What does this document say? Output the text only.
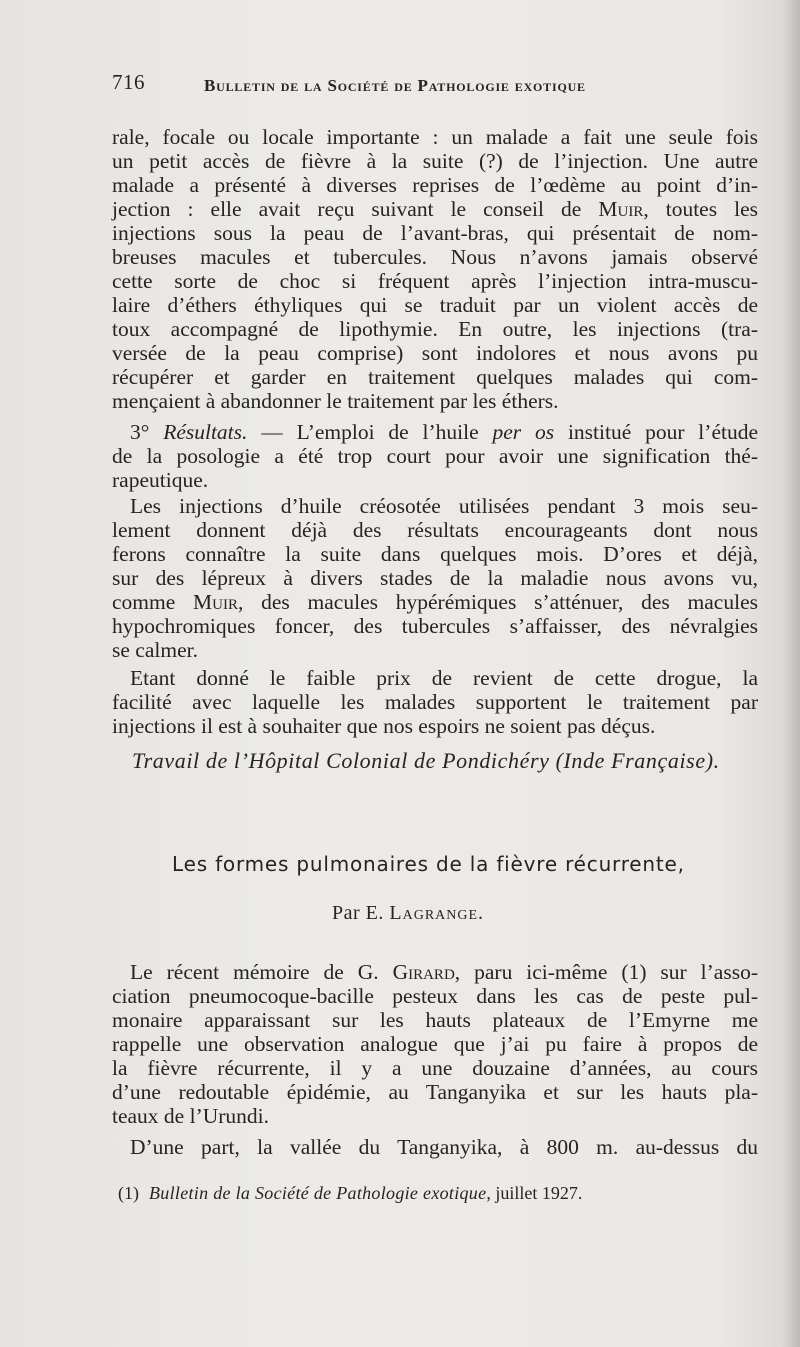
716	Bulletin de la Société de Pathologie exotique
rale, focale ou locale importante : un malade a fait une seule fois
un petit accès de fièvre à la suite (?) de l’injection. Une autre
malade a présenté à diverses reprises de l’œdème au point d’in-
jection : elle avait reçu suivant le conseil de Muir, toutes les
injections sous la peau de l’avant-bras, qui présentait de nom-
breuses macules et tubercules. Nous n’avons jamais observé
cette sorte de choc si fréquent après l’injection intra-muscu-
laire d’éthers éthyliques qui se traduit par un violent accès de
toux accompagné de lipothymie. En outre, les injections (tra-
versée de la peau comprise) sont indolores et nous avons pu
récupérer et garder en traitement quelques malades qui com-
mençaient à abandonner le traitement par les éthers.
3° Résultats. — L’emploi de l’huile per os institué pour l’étude
de la posologie a été trop court pour avoir une signification thé-
rapeutique.
Les injections d’huile créosotée utilisées pendant 3 mois seu-
lement donnent déjà des résultats encourageants dont nous
ferons connaître la suite dans quelques mois. D’ores et déjà,
sur des lépreux à divers stades de la maladie nous avons vu,
comme Muir, des macules hypérémiques s’atténuer, des macules
hypochromiques foncer, des tubercules s’affaisser, des névralgies
se calmer.
Etant donné le faible prix de revient de cette drogue, la
facilité avec laquelle les malades supportent le traitement par
injections il est à souhaiter que nos espoirs ne soient pas déçus.
Travail de l’Hôpital Colonial de Pondichéry (Inde Française).
Les formes pulmonaires de la fièvre récurrente,
Par E. Lagrange.
Le récent mémoire de G. Girard, paru ici-même (1) sur l’asso-
ciation pneumocoque-bacille pesteux dans les cas de peste pul-
monaire apparaissant sur les hauts plateaux de l’Emyrne me
rappelle une observation analogue que j’ai pu faire à propos de
la fièvre récurrente, il y a une douzaine d’années, au cours
d’une redoutable épidémie, au Tanganyika et sur les hauts pla-
teaux de l’Urundi.
D’une part, la vallée du Tanganyika, à 800 m. au-dessus du
(1) Bulletin de la Société de Pathologie exotique, juillet 1927.
